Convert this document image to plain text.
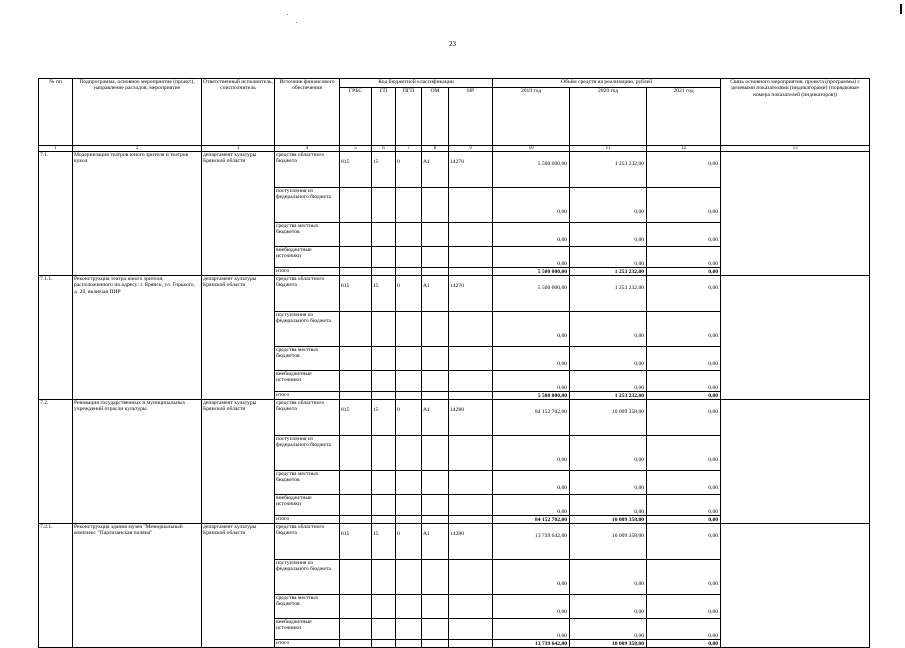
23
№ пп	Подпрограмма, основное мероприятие (проект), направление расходов, мероприятие	Ответственный исполнитель, соисполнитель	Источник финансового обеспечения	Код бюджетной классификации					Объём средств на реализацию, рублей			Связь основного мероприятия, проекта (программы) с целевыми показателями (индикаторами) (порядковые номера показателей (индикаторов))
				ГРБС	ГП	ПГП	ОМ	НР	2019 год	2020 год	2021 год	
1	2	3	4	5	6	7	8	9	10	11	12	13
7.1.	Модернизация театров юного зрителя и театров кукол	департамент культуры Брянской области	средства областного бюджета	815	15	0	А1	14270	5 500 000,00	1 253 232,00	0,00	
			поступления из федерального бюджета						0,00	0,00	0,00	
			средства местных бюджетов						0,00	0,00	0,00	
			внебюджетные источники						0,00	0,00	0,00	
			итого						5 500 000,00	1 253 232,00	0,00	
7.1.1.	Реконструкция театра юного зрителя, расположенного по адресу: г. Брянск, ул. Горького, д. 20, включая ПИР	департамент культуры Брянской области	средства областного бюджета	815	15	0	А1	14270	5 500 000,00	1 253 232,00	0,00	
			поступления из федерального бюджета						0,00	0,00	0,00	
			средства местных бюджетов						0,00	0,00	0,00	
			внебюджетные источники						0,00	0,00	0,00	
			итого						5 500 000,00	1 253 232,00	0,00	
7.2.	Реновация государственных и муниципальных учреждений отрасли культуры	департамент культуры Брянской области	средства областного бюджета	815	15	0	А1	14280	84 152 702,00	10 009 358,00	0,00	
			поступления из федерального бюджета						0,00	0,00	0,00	
			средства местных бюджетов						0,00	0,00	0,00	
			внебюджетные источники						0,00	0,00	0,00	
			итого						84 152 702,00	10 009 358,00	0,00	
7.2.1.	Реконструкция здания музея "Мемориальный комплекс "Партизанская поляна"	департамент культуры Брянской области	средства областного бюджета	815	15	0	А1	14280	13 739 642,00	10 009 358,00	0,00	
			поступления из федерального бюджета						0,00	0,00	0,00	
			средства местных бюджетов						0,00	0,00	0,00	
			внебюджетные источники						0,00	0,00	0,00	
			итого						13 739 642,00	10 009 358,00	0,00	
